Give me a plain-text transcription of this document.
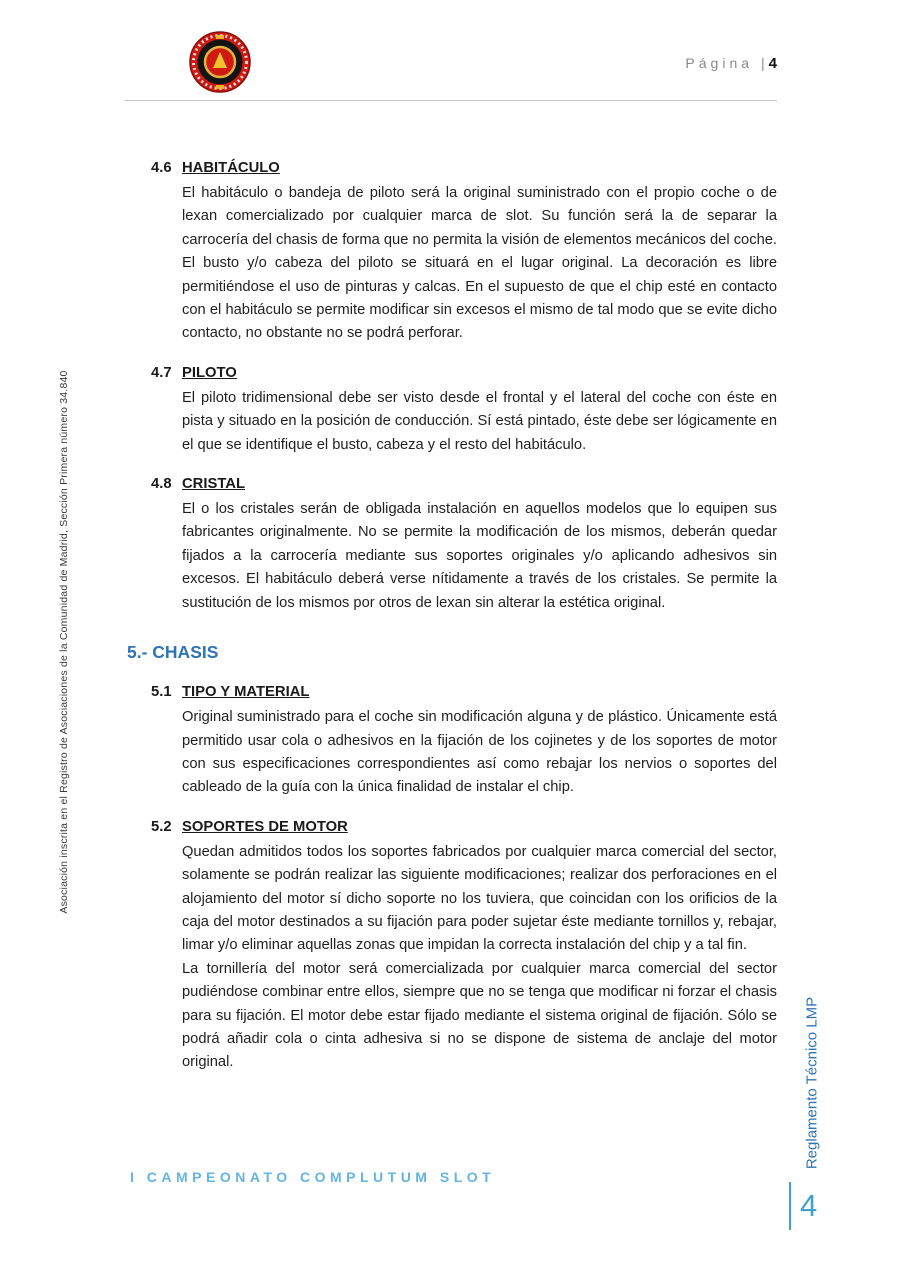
Página | 4
Asociación inscrita en el Registro de Asociaciones de la Comunidad de Madrid, Sección Primera número 34.840
Reglamento Técnico LMP
4.6 HABITÁCULO

El habitáculo o bandeja de piloto será la original suministrado con el propio coche o de lexan comercializado por cualquier marca de slot. Su función será la de separar la carrocería del chasis de forma que no permita la visión de elementos mecánicos del coche. El busto y/o cabeza del piloto se situará en el lugar original. La decoración es libre permitiéndose el uso de pinturas y calcas. En el supuesto de que el chip esté en contacto con el habitáculo se permite modificar sin excesos el mismo de tal modo que se evite dicho contacto, no obstante no se podrá perforar.

4.7 PILOTO

El piloto tridimensional debe ser visto desde el frontal y el lateral del coche con éste en pista y situado en la posición de conducción. Sí está pintado, éste debe ser lógicamente en el que se identifique el busto, cabeza y el resto del habitáculo.

4.8 CRISTAL

El o los cristales serán de obligada instalación en aquellos modelos que lo equipen sus fabricantes originalmente. No se permite la modificación de los mismos, deberán quedar fijados a la carrocería mediante sus soportes originales y/o aplicando adhesivos sin excesos. El habitáculo deberá verse nítidamente a través de los cristales. Se permite la sustitución de los mismos por otros de lexan sin alterar la estética original.

5.- CHASIS
5.1 TIPO Y MATERIAL

Original suministrado para el coche sin modificación alguna y de plástico. Únicamente está permitido usar cola o adhesivos en la fijación de los cojinetes y de los soportes de motor con sus especificaciones correspondientes así como rebajar los nervios o soportes del cableado de la guía con la única finalidad de instalar el chip.

5.2 SOPORTES DE MOTOR

Quedan admitidos todos los soportes fabricados por cualquier marca comercial del sector, solamente se podrán realizar las siguiente modificaciones; realizar dos perforaciones en el alojamiento del motor sí dicho soporte no los tuviera, que coincidan con los orificios de la caja del motor destinados a su fijación para poder sujetar éste mediante tornillos y, rebajar, limar y/o eliminar aquellas zonas que impidan la correcta instalación del chip y a tal fin.

La tornillería del motor será comercializada por cualquier marca comercial del sector pudiéndose combinar entre ellos, siempre que no se tenga que modificar ni forzar el chasis para su fijación. El motor debe estar fijado mediante el sistema original de fijación. Sólo se podrá añadir cola o cinta adhesiva si no se dispone de sistema de anclaje del motor original.

I CAMPEONATO COMPLUTUM SLOT
4
